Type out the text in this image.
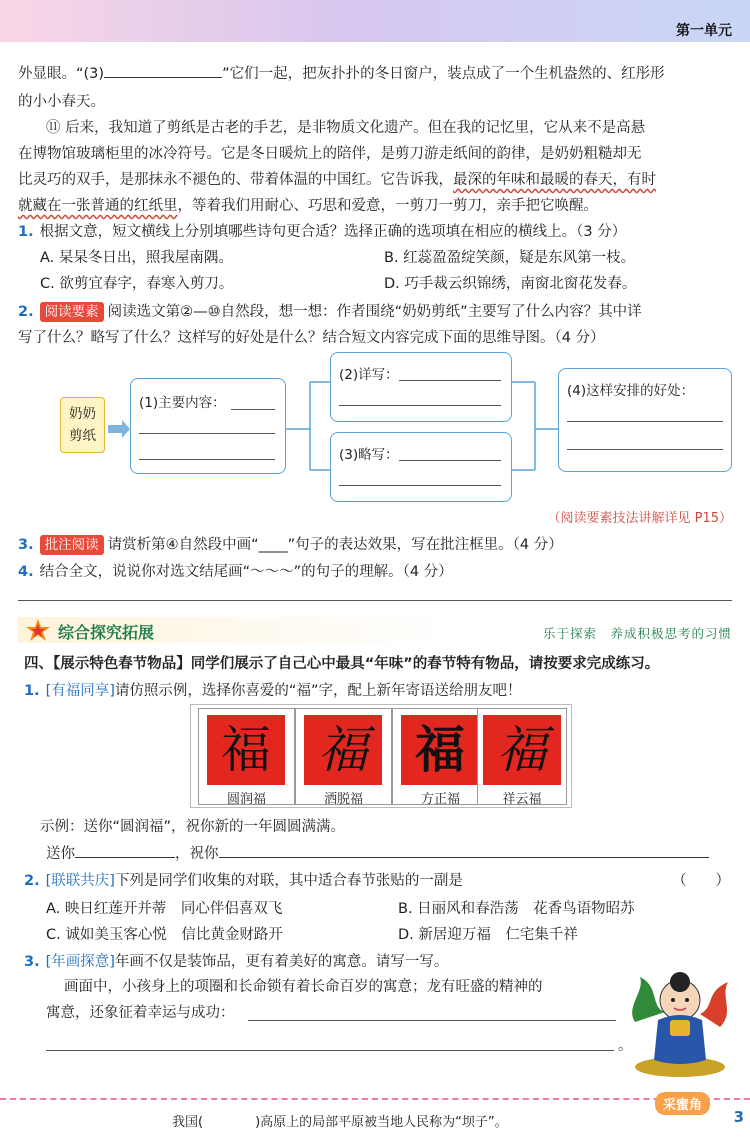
第一单元
外显眼。“(3)	”它们一起，把灰扑扑的冬日窗户，装点成了一个生机盎然的、红彤形
的小小春天。
⑪ 后来，我知道了剪纸是古老的手艺，是非物质文化遗产。但在我的记忆里，它从来不是高悬
在博物馆玻璃柜里的冰冷符号。它是冬日暖炕上的陪伴，是剪刀游走纸间的韵律，是奶奶粗糙却无
比灵巧的双手，是那抹永不褪色的、带着体温的中国红。它告诉我，最深的年味和最暖的春天，有时
就藏在一张普通的红纸里，等着我们用耐心、巧思和爱意，一剪刀一剪刀，亲手把它唤醒。
1. 根据文意，短文横线上分别填哪些诗句更合适？选择正确的选项填在相应的横线上。（3 分）
A. 杲杲冬日出，照我屋南隅。	B. 红蕊盈盈绽笑颜，疑是东风第一枝。
C. 欲剪宜春字，春寒入剪刀。	D. 巧手裁云织锦绣，南窗北窗花发春。
2. 阅读要素 阅读选文第②—⑩自然段，想一想：作者围绕“奶奶剪纸”主要写了什么内容？其中详
写了什么？略写了什么？这样写的好处是什么？结合短文内容完成下面的思维导图。（4 分）
奶奶
剪纸
(1)主要内容：
(2)详写：
(3)略写：
(4)这样安排的好处：
（阅读要素技法讲解详见 P15）
3. 批注阅读 请赏析第④自然段中画“____”句子的表达效果，写在批注框里。（4 分）
4. 结合全文，说说你对选文结尾画“～～～”的句子的理解。（4 分）
综合探究拓展	乐于探索　养成积极思考的习惯
四、【展示特色春节物品】同学们展示了自己心中最具“年味”的春节特有物品，请按要求完成练习。
1. [有福同享]请仿照示例，选择你喜爱的“福”字，配上新年寄语送给朋友吧！
福
圆润福
福
洒脱福
福
方正福
福
祥云福
示例：送你“圆润福”，祝你新的一年圆圆满满。
送你	，祝你
2. [联联共庆]下列是同学们收集的对联，其中适合春节张贴的一副是	（　　）
A. 映日红莲开并蒂　同心伴侣喜双飞	B. 日丽风和春浩荡　花香鸟语物昭苏
C. 诚如美玉客心悦　信比黄金财路开	D. 新居迎万福　仁宅集千祥
3. [年画探意]年画不仅是装饰品，更有着美好的寓意。请写一写。
画面中，小孩身上的项圈和长命锁有着长命百岁的寓意；龙有旺盛的精神的
寓意，还象征着幸运与成功：
。
采蜜角
我国(　　　　)高原上的局部平原被当地人民称为“坝子”。	3
